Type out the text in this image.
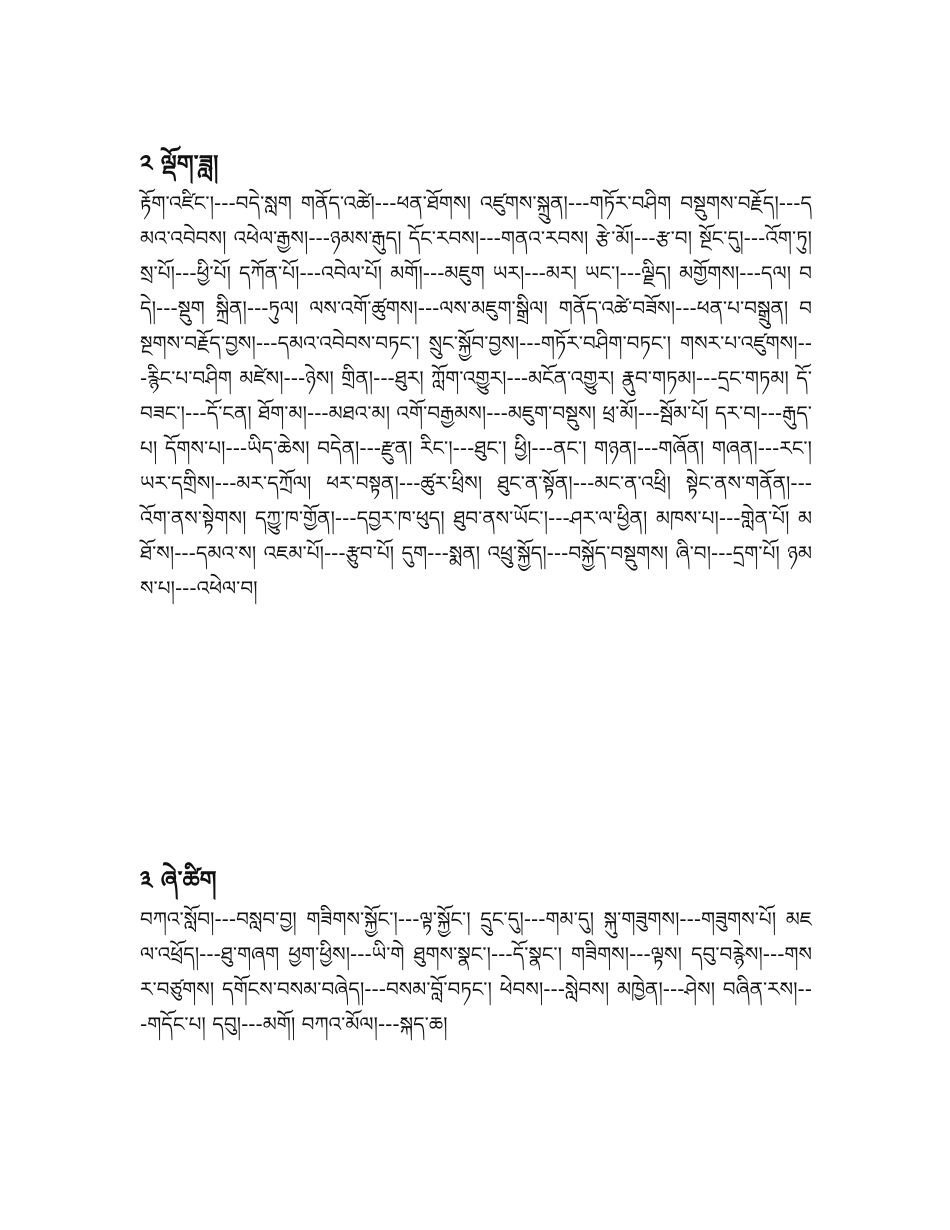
༢ ལྡོག་ཟླ།

རྟོག་འཛིང་།---བདེ་སླག གནོད་འཚེ།---ཕན་ཐོགས། འཛུགས་སྐྲུན།---གཏོར་བཤིག བསྡུགས་བརྗོད།---དམའ་འབེབས། འཕེལ་རྒྱས།---ཉམས་རྒུད། དོང་རབས།---གནའ་རབས། རྩེ་མོ།---རྩ་བ། སྔོང་དུ།---འོག་ཏུ། སྲ་པོ།---ཕྱི་པོ། དཀོན་པོ།---འབེལ་པོ། མགོ།---མཇུག ཡར།---མར། ཡང་།---ལྗིད། མགྱོགས།---དལ། བདེ།---སྡུག སྐྲིན།---ཏུལ། ལས་འགོ་ཚུགས།---ལས་མཇུག་སྒྲིལ། གནོད་འཚེ་བཟོས།---ཕན་པ་བསྒྲུན། བསྔགས་བརྗོད་བྱས།---དམའ་འབེབས་བཏང་། སྲུང་སྐྱོབ་བྱས།---གཏོར་བཤིག་བཏང་། གསར་པ་འཛུགས།---རྙིང་པ་བཤིག མཛེས།---ཉེས། གྲིན།---ཐུར། ཀློག་འགྱུར།---མངོན་འགྱུར། རྣུབ་གཏམ།---དྲང་གཏམ། དོ་བཟང་།---དོ་ངན། ཐོག་མ།---མཐའ་མ། འགོ་བརྒྱམས།---མཇུག་བསྡུས། ཕྲ་མོ།---སྦོམ་པོ། དར་བ།---རྒུད་པ། དོགས་པ།---ཡིད་ཆེས། བདེན།---རྫུན། རིང་།---ཐུང་། ཕྱི།---ནང་། གཉན།---གཞོན། གཞན།---རང་། ཡར་དགྲིས།---མར་དཀྲོལ། ཕར་བསྟན།---ཚུར་ཕྲིས། ཐུང་ན་སྟོན།---མང་ན་འཕྲི། སྟེང་ནས་གནོན།---འོག་ནས་སྟེགས། དཀྱུ་ཁ་གྱོན།---དབྱར་ཁ་ཕུད། ཐུབ་ནས་ཡོང་།---ཤར་ལ་ཕྱིན། མཁས་པ།---གླེན་པོ། མཐོ་ས།---དམའ་ས། འཇམ་པོ།---རྩུབ་པོ། དུག---སྨན། འཕྲུ་སྐྱོད།---བསྐྱོད་བསྡུགས། ཞི་བ།---དྲག་པོ། ཉམས་པ།---འཕེལ་བ།

༣ ཞེ་ཚིག

བཀའ་སློབ།---བསླབ་བྱ། གཟིགས་སྐྱོང་།---ལྟ་སྐྱོང་། དྲུང་དུ།---གམ་དུ། སྐུ་གཟུགས།---གཟུགས་པོ། མཇལ་འཕྲོད།---ཐུ་གཞག ཕྱག་ཕྱིས།---ཡི་གེ ཐུགས་སྣང་།---དོ་སྣང་། གཟིགས།---ལྟས། དབུ་བརྙེས།---གསར་བཙུགས། དགོངས་བསམ་བཞེད།---བསམ་བློ་བཏང་། ཕེབས།---སླེབས། མཁྱེན།---ཤེས། བཞིན་རས།---གདོང་པ། དབུ།---མགོ། བཀའ་མོལ།---སྐད་ཆ།
